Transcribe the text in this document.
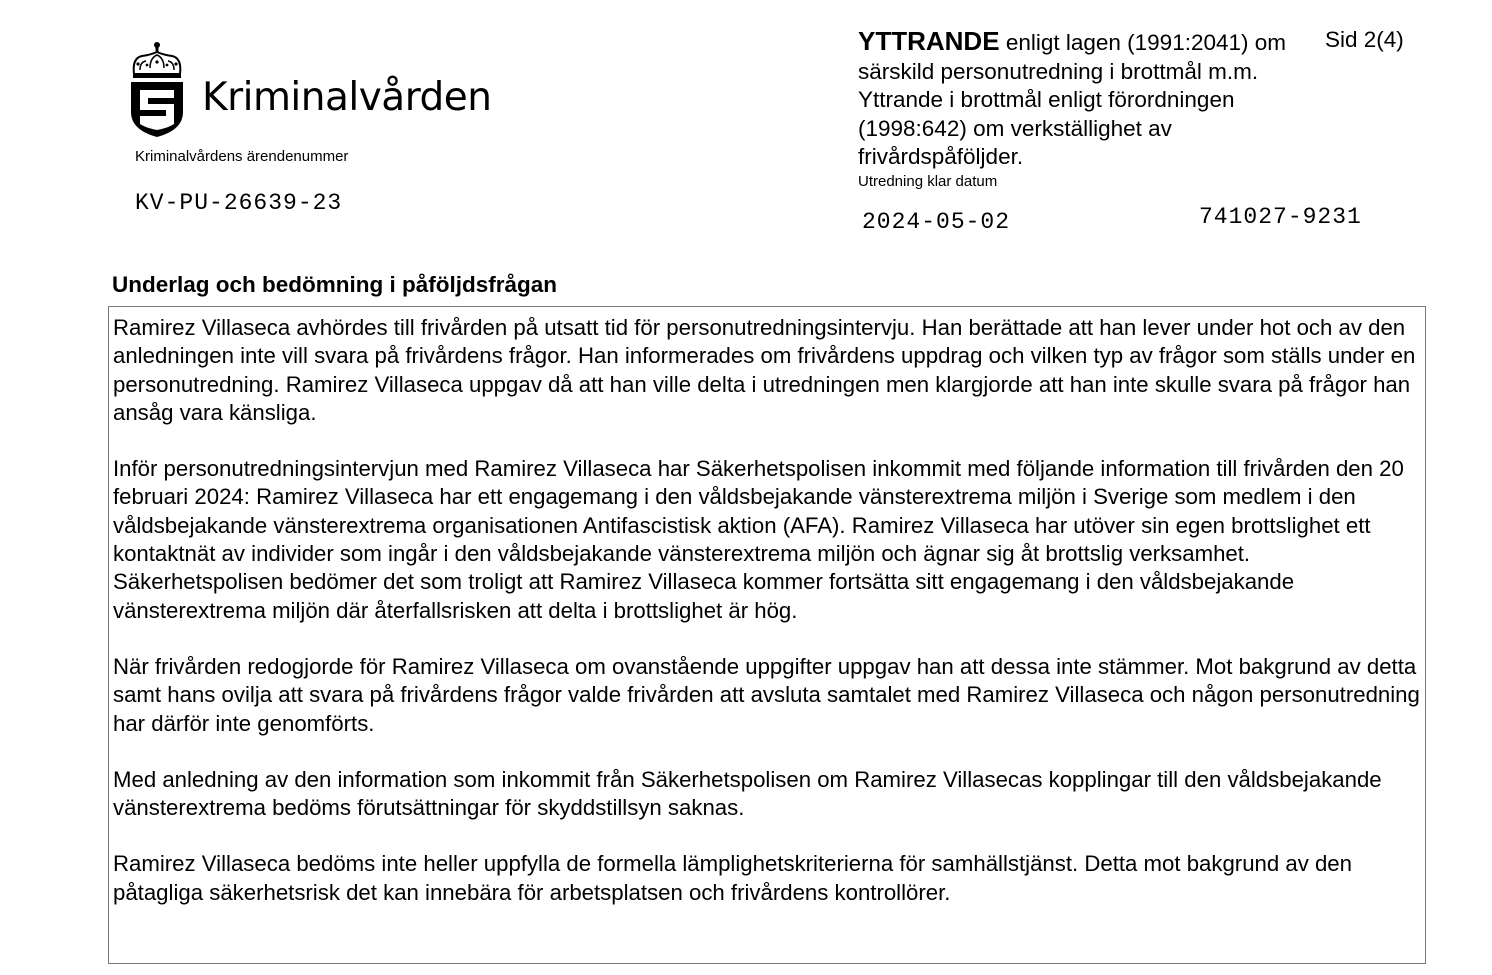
Kriminalvården
Kriminalvårdens ärendenummer
KV-PU-26639-23
YTTRANDE enligt lagen (1991:2041) om särskild personutredning i brottmål m.m. Yttrande i brottmål enligt förordningen (1998:642) om verkställighet av frivårdspåföljder.
Sid 2(4)
Utredning klar datum
2024-05-02	741027-9231
Underlag och bedömning i påföljdsfrågan

Ramirez Villaseca avhördes till frivården på utsatt tid för personutredningsintervju. Han berättade att han lever under hot och av den anledningen inte vill svara på frivårdens frågor. Han informerades om frivårdens uppdrag och vilken typ av frågor som ställs under en personutredning. Ramirez Villaseca uppgav då att han ville delta i utredningen men klargjorde att han inte skulle svara på frågor han ansåg vara känsliga.

Inför personutredningsintervjun med Ramirez Villaseca har Säkerhetspolisen inkommit med följande information till frivården den 20 februari 2024: Ramirez Villaseca har ett engagemang i den våldsbejakande vänsterextrema miljön i Sverige som medlem i den våldsbejakande vänsterextrema organisationen Antifascistisk aktion (AFA). Ramirez Villaseca har utöver sin egen brottslighet ett kontaktnät av individer som ingår i den våldsbejakande vänsterextrema miljön och ägnar sig åt brottslig verksamhet. Säkerhetspolisen bedömer det som troligt att Ramirez Villaseca kommer fortsätta sitt engagemang i den våldsbejakande vänsterextrema miljön där återfallsrisken att delta i brottslighet är hög.

När frivården redogjorde för Ramirez Villaseca om ovanstående uppgifter uppgav han att dessa inte stämmer. Mot bakgrund av detta samt hans ovilja att svara på frivårdens frågor valde frivården att avsluta samtalet med Ramirez Villaseca och någon personutredning har därför inte genomförts.

Med anledning av den information som inkommit från Säkerhetspolisen om Ramirez Villasecas kopplingar till den våldsbejakande vänsterextrema bedöms förutsättningar för skyddstillsyn saknas.

Ramirez Villaseca bedöms inte heller uppfylla de formella lämplighetskriterierna för samhällstjänst. Detta mot bakgrund av den påtagliga säkerhetsrisk det kan innebära för arbetsplatsen och frivårdens kontrollörer.
